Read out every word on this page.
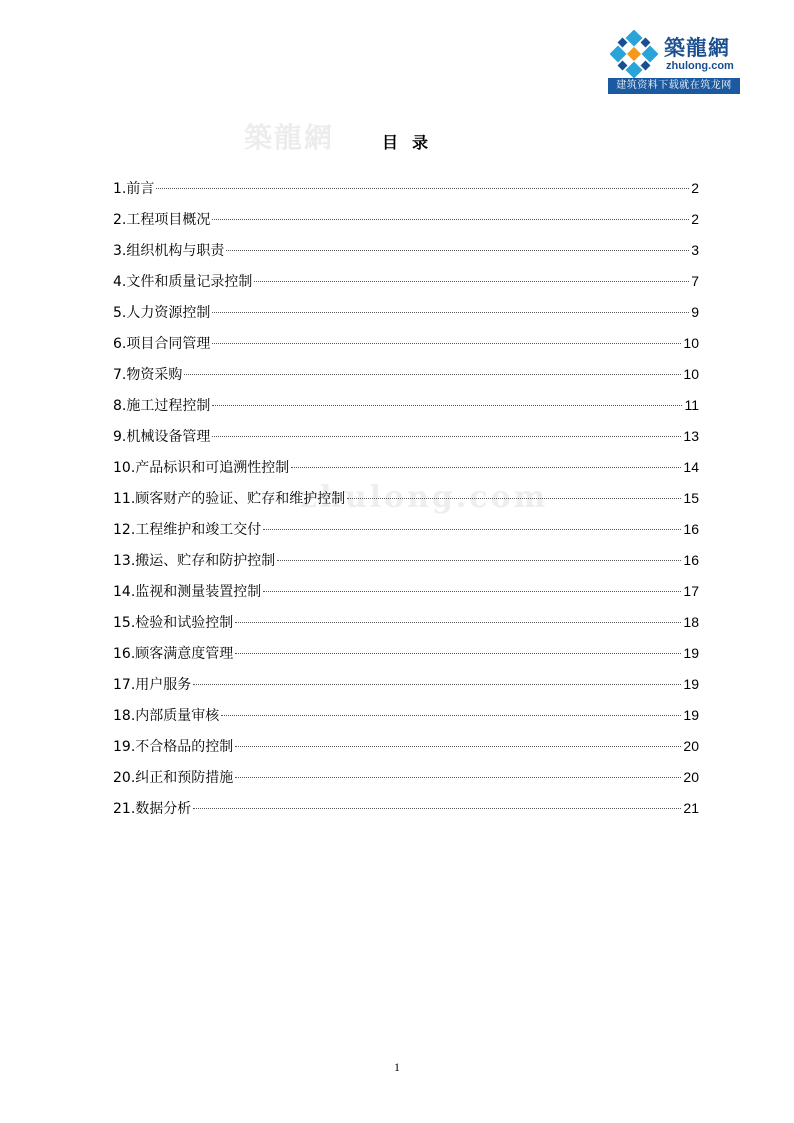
築龍網
zhulong.com
建筑资料下载就在筑龙网
築龍網
zhulong.com
目录
1.前言	2
2.工程项目概况	2
3.组织机构与职责	3
4.文件和质量记录控制	7
5.人力资源控制	9
6.项目合同管理	10
7.物资采购	10
8.施工过程控制	11
9.机械设备管理	13
10.产品标识和可追溯性控制	14
11.顾客财产的验证、贮存和维护控制	15
12.工程维护和竣工交付	16
13.搬运、贮存和防护控制	16
14.监视和测量装置控制	17
15.检验和试验控制	18
16.顾客满意度管理	19
17.用户服务	19
18.内部质量审核	19
19.不合格品的控制	20
20.纠正和预防措施	20
21.数据分析	21
1
